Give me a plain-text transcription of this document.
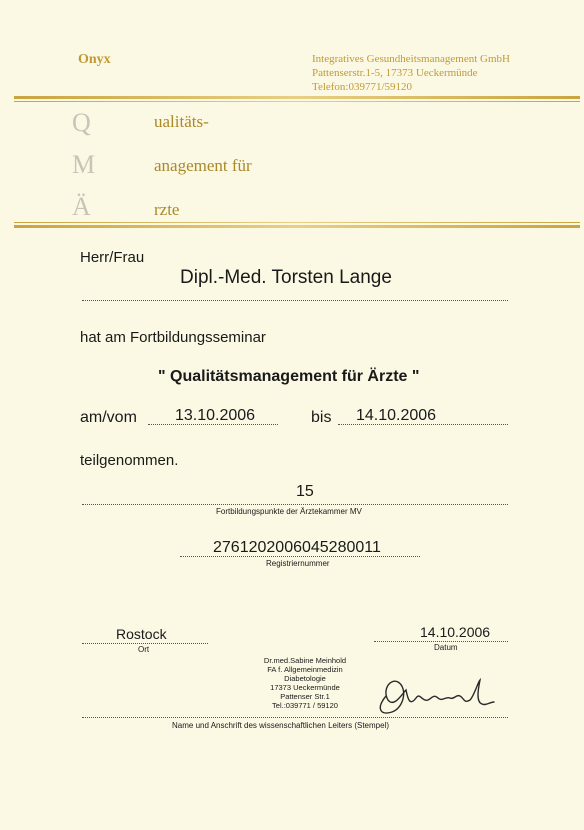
Onyx	Integratives Gesundheitsmanagement GmbH
Pattenserstr.1-5, 17373 Ueckermünde
Telefon:039771/59120
Q	ualitäts-
M	anagement für
Ä	rzte
Herr/Frau
Dipl.-Med. Torsten Lange
hat am Fortbildungsseminar
" Qualitätsmanagement für Ärzte "
am/vom 13.10.2006	bis 14.10.2006
teilgenommen.
15
Fortbildungspunkte der Ärztekammer MV
2761202006045280011
Registriernummer
Rostock
Ort
14.10.2006
Datum
Dr.med.Sabine Meinhold
FA f. Allgemeinmedizin
Diabetologie
17373 Ueckermünde
Pattenser Str.1
Tel.:039771 / 59120
Name und Anschrift des wissenschaftlichen Leiters (Stempel)
